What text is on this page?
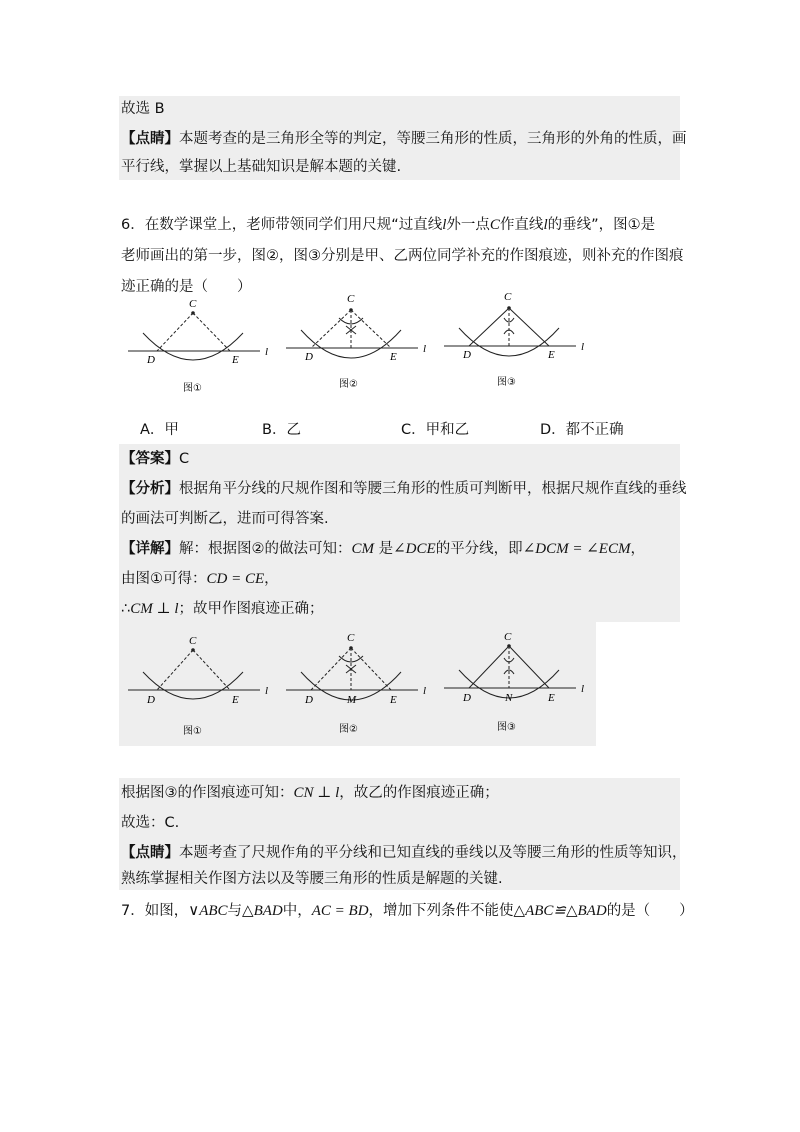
故选 B
【点睛】本题考查的是三角形全等的判定，等腰三角形的性质，三角形的外角的性质，画
平行线，掌握以上基础知识是解本题的关键.
6．在数学课堂上，老师带领同学们用尺规“过直线l外一点C作直线l的垂线”，图①是
老师画出的第一步，图②，图③分别是甲、乙两位同学补充的作图痕迹，则补充的作图痕
迹正确的是（　　）
C
D	E
l
图①
C
D	E
l
图②
C
D	E
l
图③
A．甲	B．乙	C．甲和乙	D．都不正确
【答案】C
【分析】根据角平分线的尺规作图和等腰三角形的性质可判断甲，根据尺规作直线的垂线
的画法可判断乙，进而可得答案.
【详解】解：根据图②的做法可知：CM 是∠DCE的平分线，即∠DCM = ∠ECM，
由图①可得：CD = CE，
∴CM ⊥ l；故甲作图痕迹正确；
C
D	E
l
图①
C
D	M	E
l
图②
C
D	N	E
l
图③
根据图③的作图痕迹可知：CN ⊥ l，故乙的作图痕迹正确；
故选：C.
【点睛】本题考查了尺规作角的平分线和已知直线的垂线以及等腰三角形的性质等知识，
熟练掌握相关作图方法以及等腰三角形的性质是解题的关键.
7．如图，∨ABC与△BAD中，AC = BD，增加下列条件不能使△ABC≌△BAD的是（　　）
